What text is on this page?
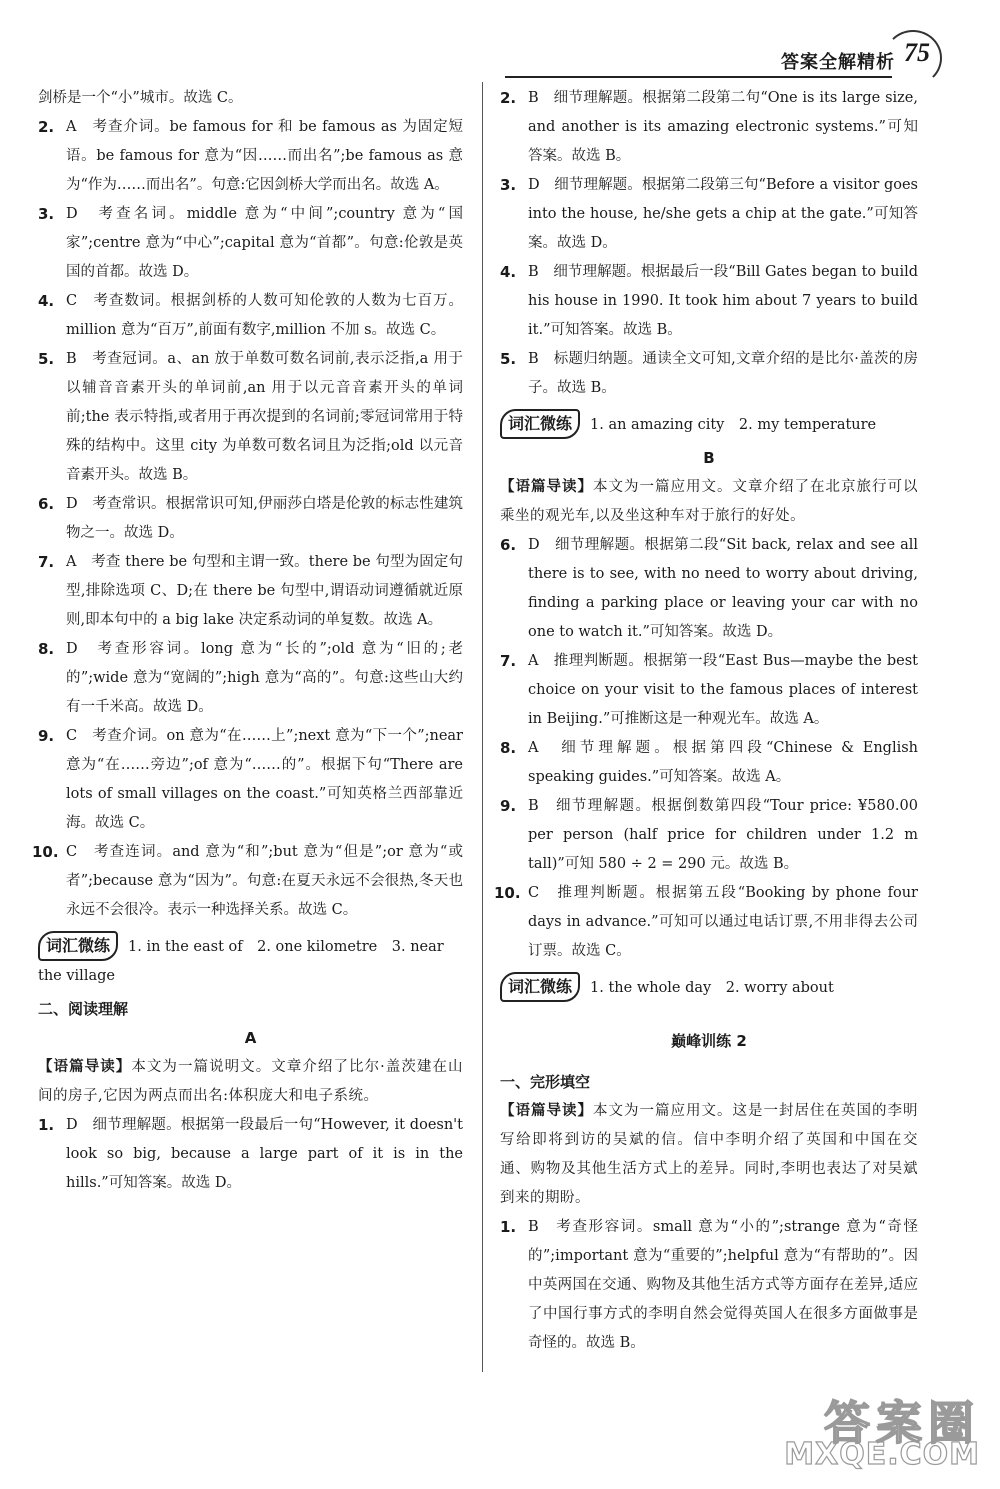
答案全解精析 75
剑桥是一个“小”城市。故选 C。
2. A　考查介词。be famous for 和 be famous as 为固定短语。be famous for 意为“因……而出名”;be famous as 意为“作为……而出名”。句意:它因剑桥大学而出名。故选 A。
3. D　考查名词。middle 意为“中间”;country 意为“国家”;centre 意为“中心”;capital 意为“首都”。句意:伦敦是英国的首都。故选 D。
4. C　考查数词。根据剑桥的人数可知伦敦的人数为七百万。million 意为“百万”,前面有数字,million 不加 s。故选 C。
5. B　考查冠词。a、an 放于单数可数名词前,表示泛指,a 用于以辅音音素开头的单词前,an 用于以元音音素开头的单词前;the 表示特指,或者用于再次提到的名词前;零冠词常用于特殊的结构中。这里 city 为单数可数名词且为泛指;old 以元音音素开头。故选 B。
6. D　考查常识。根据常识可知,伊丽莎白塔是伦敦的标志性建筑物之一。故选 D。
7. A　考查 there be 句型和主谓一致。there be 句型为固定句型,排除选项 C、D;在 there be 句型中,谓语动词遵循就近原则,即本句中的 a big lake 决定系动词的单复数。故选 A。
8. D　考查形容词。long 意为“长的”;old 意为“旧的;老的”;wide 意为“宽阔的”;high 意为“高的”。句意:这些山大约有一千米高。故选 D。
9. C　考查介词。on 意为“在……上”;next 意为“下一个”;near 意为“在……旁边”;of 意为“……的”。根据下句“There are lots of small villages on the coast.”可知英格兰西部靠近海。故选 C。
10. C　考查连词。and 意为“和”;but 意为“但是”;or 意为“或者”;because 意为“因为”。句意:在夏天永远不会很热,冬天也永远不会很冷。表示一种选择关系。故选 C。
词汇微练 1. in the east of　2. one kilometre　3. near the village
二、阅读理解
A
【语篇导读】本文为一篇说明文。文章介绍了比尔·盖茨建在山间的房子,它因为两点而出名:体积庞大和电子系统。
1. D　细节理解题。根据第一段最后一句“However, it doesn't look so big, because a large part of it is in the hills.”可知答案。故选 D。
2. B　细节理解题。根据第二段第二句“One is its large size, and another is its amazing electronic systems.”可知答案。故选 B。
3. D　细节理解题。根据第二段第三句“Before a visitor goes into the house, he/she gets a chip at the gate.”可知答案。故选 D。
4. B　细节理解题。根据最后一段“Bill Gates began to build his house in 1990. It took him about 7 years to build it.”可知答案。故选 B。
5. B　标题归纳题。通读全文可知,文章介绍的是比尔·盖茨的房子。故选 B。
词汇微练 1. an amazing city　2. my temperature
B
【语篇导读】本文为一篇应用文。文章介绍了在北京旅行可以乘坐的观光车,以及坐这种车对于旅行的好处。
6. D　细节理解题。根据第二段“Sit back, relax and see all there is to see, with no need to worry about driving, finding a parking place or leaving your car with no one to watch it.”可知答案。故选 D。
7. A　推理判断题。根据第一段“East Bus—maybe the best choice on your visit to the famous places of interest in Beijing.”可推断这是一种观光车。故选 A。
8. A　细节理解题。根据第四段“Chinese & English speaking guides.”可知答案。故选 A。
9. B　细节理解题。根据倒数第四段“Tour price: ¥580.00 per person (half price for children under 1.2 m tall)”可知 580 ÷ 2 = 290 元。故选 B。
10. C　推理判断题。根据第五段“Booking by phone four days in advance.”可知可以通过电话订票,不用非得去公司订票。故选 C。
词汇微练 1. the whole day　2. worry about
巅峰训练 2
一、完形填空
【语篇导读】本文为一篇应用文。这是一封居住在英国的李明写给即将到访的吴斌的信。信中李明介绍了英国和中国在交通、购物及其他生活方式上的差异。同时,李明也表达了对吴斌到来的期盼。
1. B　考查形容词。small 意为“小的”;strange 意为“奇怪的”;important 意为“重要的”;helpful 意为“有帮助的”。因中英两国在交通、购物及其他生活方式等方面存在差异,适应了中国行事方式的李明自然会觉得英国人在很多方面做事是奇怪的。故选 B。
答案圈
MXQE.COM
